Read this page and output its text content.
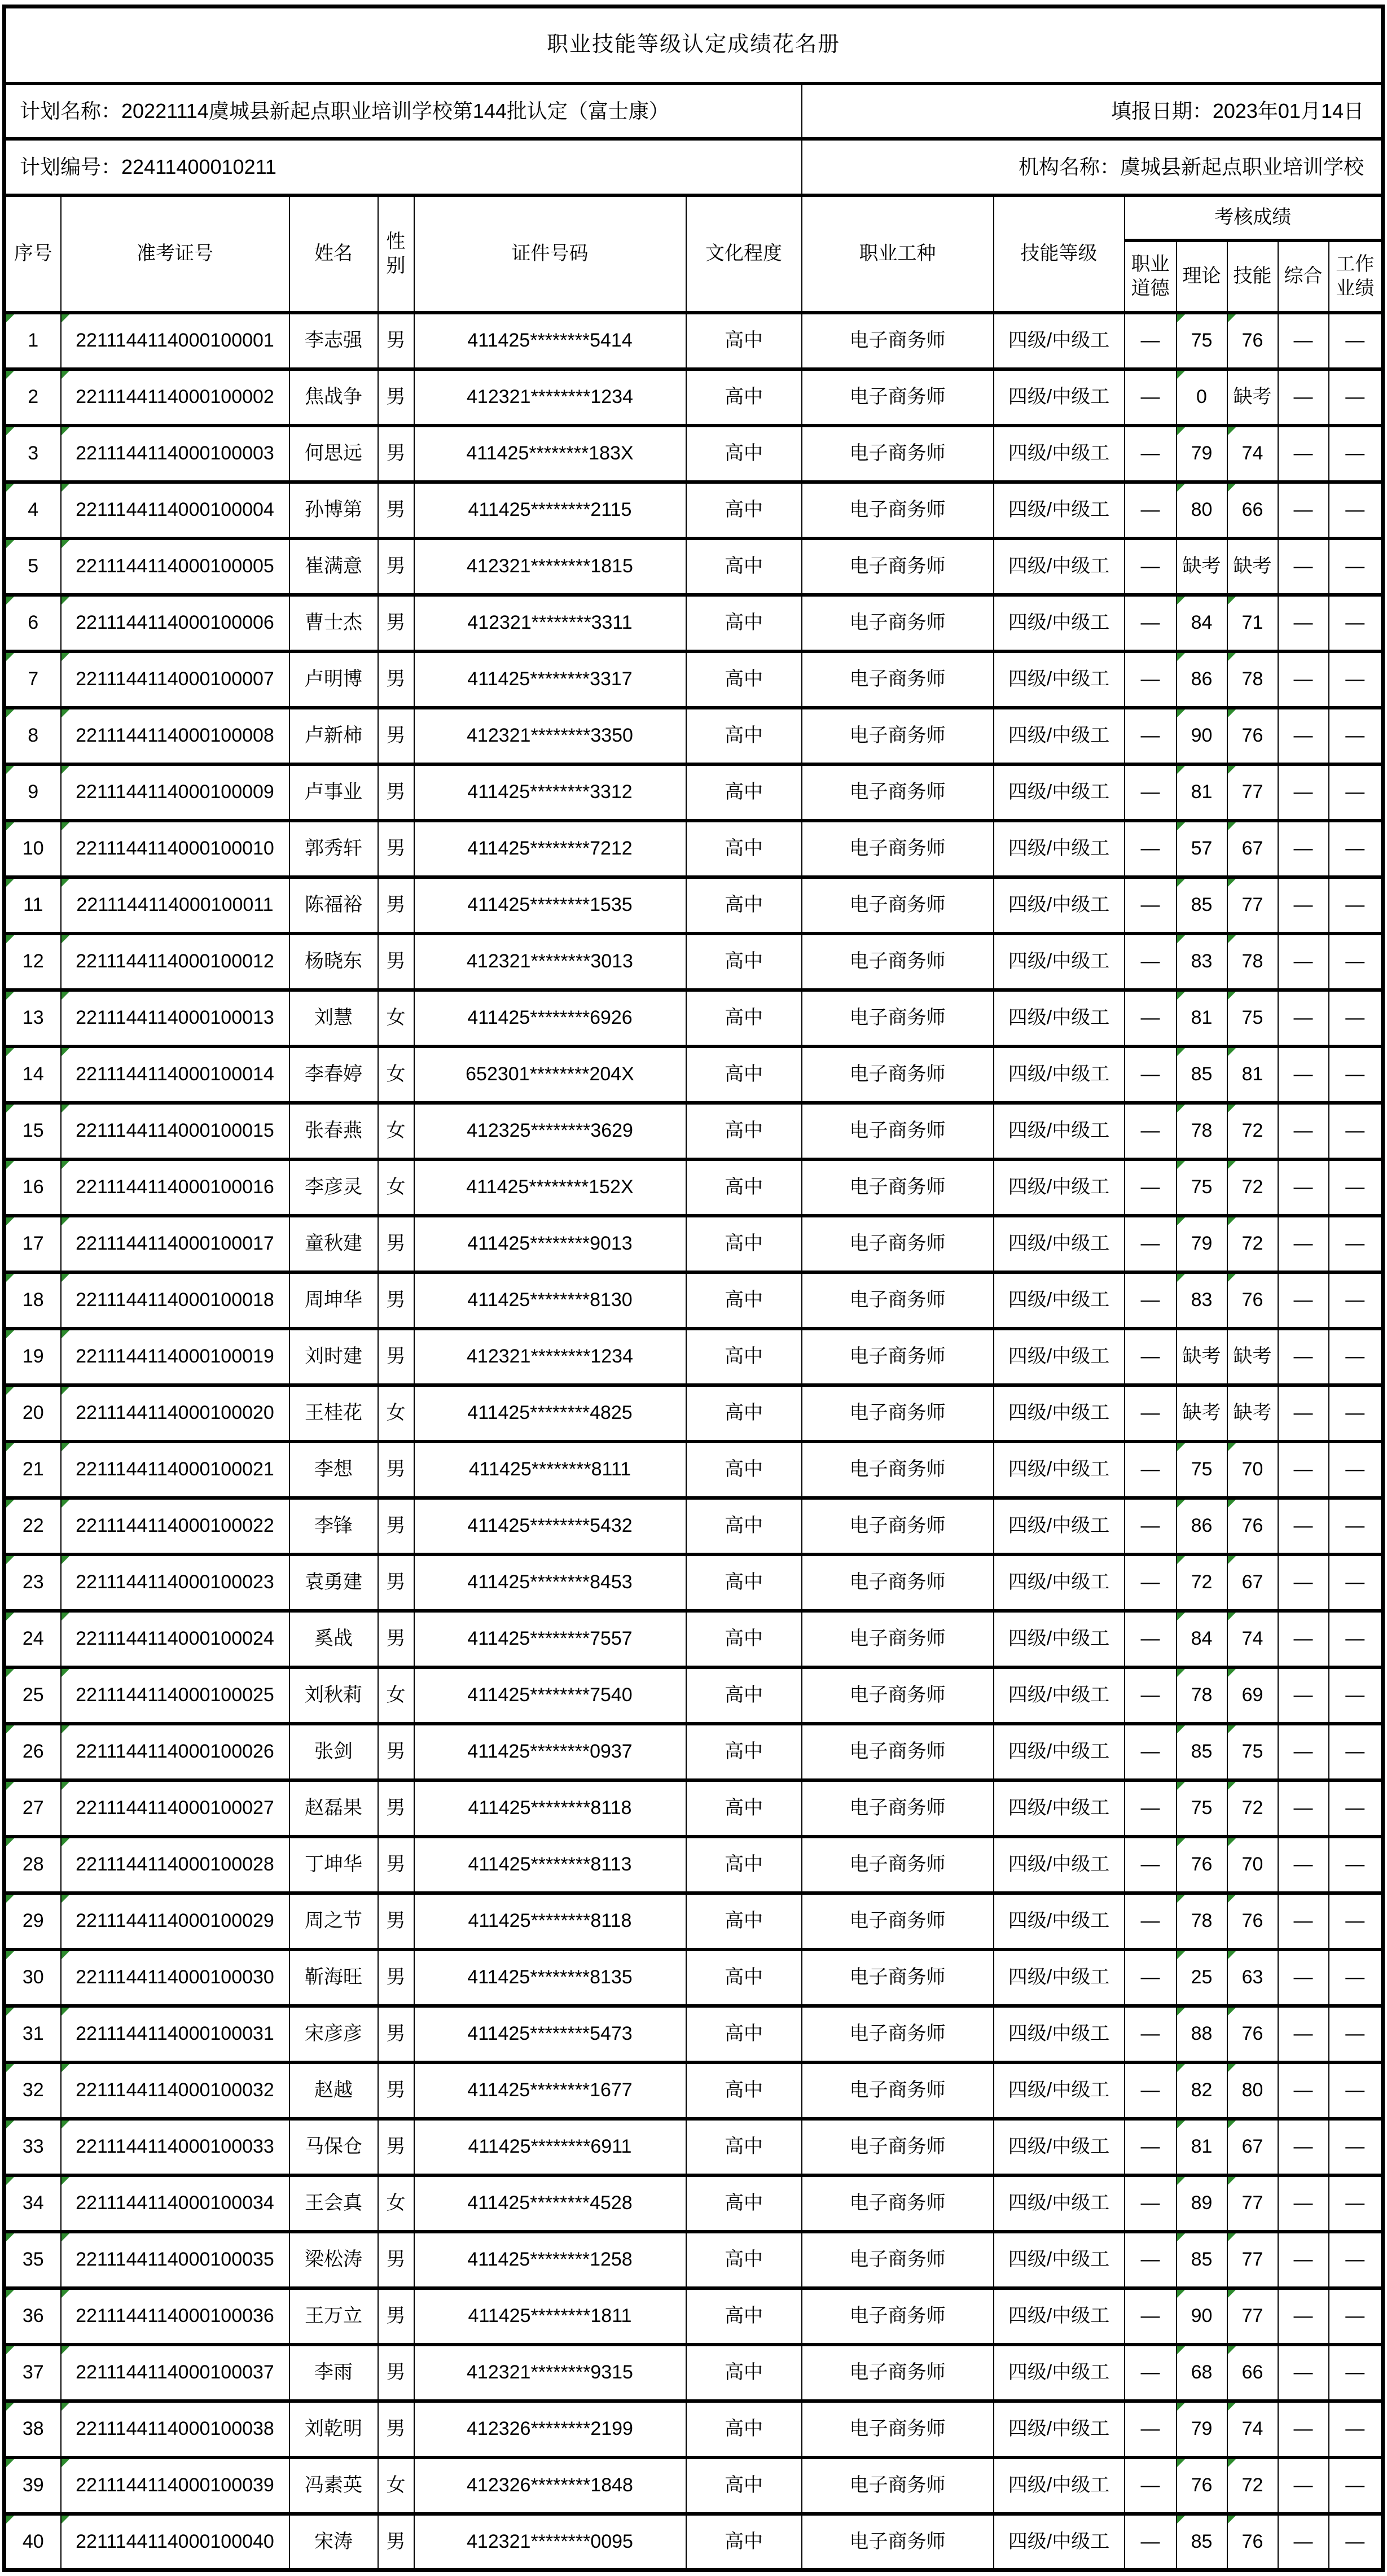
职业技能等级认定成绩花名册												
计划名称：20221114虞城县新起点职业培训学校第144批认定（富士康）						填报日期：2023年01月14日						
计划编号：22411400010211						机构名称：虞城县新起点职业培训学校						
序号	准考证号	姓名	性别	证件号码	文化程度	职业工种	技能等级	考核成绩				
								职业道德	理论	技能	综合	工作业绩

1	2211144114000100001	李志强	男	411425********5414	高中	电子商务师	四级/中级工	—	75	76	—	—

2	2211144114000100002	焦战争	男	412321********1234	高中	电子商务师	四级/中级工	—	0	缺考	—	—

3	2211144114000100003	何思远	男	411425********183X	高中	电子商务师	四级/中级工	—	79	74	—	—

4	2211144114000100004	孙博第	男	411425********2115	高中	电子商务师	四级/中级工	—	80	66	—	—

5	2211144114000100005	崔满意	男	412321********1815	高中	电子商务师	四级/中级工	—	缺考	缺考	—	—

6	2211144114000100006	曹士杰	男	412321********3311	高中	电子商务师	四级/中级工	—	84	71	—	—

7	2211144114000100007	卢明博	男	411425********3317	高中	电子商务师	四级/中级工	—	86	78	—	—

8	2211144114000100008	卢新柿	男	412321********3350	高中	电子商务师	四级/中级工	—	90	76	—	—

9	2211144114000100009	卢事业	男	411425********3312	高中	电子商务师	四级/中级工	—	81	77	—	—

10	2211144114000100010	郭秀轩	男	411425********7212	高中	电子商务师	四级/中级工	—	57	67	—	—

11	2211144114000100011	陈福裕	男	411425********1535	高中	电子商务师	四级/中级工	—	85	77	—	—

12	2211144114000100012	杨晓东	男	412321********3013	高中	电子商务师	四级/中级工	—	83	78	—	—

13	2211144114000100013	刘慧	女	411425********6926	高中	电子商务师	四级/中级工	—	81	75	—	—

14	2211144114000100014	李春婷	女	652301********204X	高中	电子商务师	四级/中级工	—	85	81	—	—

15	2211144114000100015	张春燕	女	412325********3629	高中	电子商务师	四级/中级工	—	78	72	—	—

16	2211144114000100016	李彦灵	女	411425********152X	高中	电子商务师	四级/中级工	—	75	72	—	—

17	2211144114000100017	童秋建	男	411425********9013	高中	电子商务师	四级/中级工	—	79	72	—	—

18	2211144114000100018	周坤华	男	411425********8130	高中	电子商务师	四级/中级工	—	83	76	—	—

19	2211144114000100019	刘时建	男	412321********1234	高中	电子商务师	四级/中级工	—	缺考	缺考	—	—

20	2211144114000100020	王桂花	女	411425********4825	高中	电子商务师	四级/中级工	—	缺考	缺考	—	—

21	2211144114000100021	李想	男	411425********8111	高中	电子商务师	四级/中级工	—	75	70	—	—

22	2211144114000100022	李锋	男	411425********5432	高中	电子商务师	四级/中级工	—	86	76	—	—

23	2211144114000100023	袁勇建	男	411425********8453	高中	电子商务师	四级/中级工	—	72	67	—	—

24	2211144114000100024	奚战	男	411425********7557	高中	电子商务师	四级/中级工	—	84	74	—	—

25	2211144114000100025	刘秋莉	女	411425********7540	高中	电子商务师	四级/中级工	—	78	69	—	—

26	2211144114000100026	张剑	男	411425********0937	高中	电子商务师	四级/中级工	—	85	75	—	—

27	2211144114000100027	赵磊果	男	411425********8118	高中	电子商务师	四级/中级工	—	75	72	—	—

28	2211144114000100028	丁坤华	男	411425********8113	高中	电子商务师	四级/中级工	—	76	70	—	—

29	2211144114000100029	周之节	男	411425********8118	高中	电子商务师	四级/中级工	—	78	76	—	—

30	2211144114000100030	靳海旺	男	411425********8135	高中	电子商务师	四级/中级工	—	25	63	—	—

31	2211144114000100031	宋彦彦	男	411425********5473	高中	电子商务师	四级/中级工	—	88	76	—	—

32	2211144114000100032	赵越	男	411425********1677	高中	电子商务师	四级/中级工	—	82	80	—	—

33	2211144114000100033	马保仓	男	411425********6911	高中	电子商务师	四级/中级工	—	81	67	—	—

34	2211144114000100034	王会真	女	411425********4528	高中	电子商务师	四级/中级工	—	89	77	—	—

35	2211144114000100035	梁松涛	男	411425********1258	高中	电子商务师	四级/中级工	—	85	77	—	—

36	2211144114000100036	王万立	男	411425********1811	高中	电子商务师	四级/中级工	—	90	77	—	—

37	2211144114000100037	李雨	男	412321********9315	高中	电子商务师	四级/中级工	—	68	66	—	—

38	2211144114000100038	刘乾明	男	412326********2199	高中	电子商务师	四级/中级工	—	79	74	—	—

39	2211144114000100039	冯素英	女	412326********1848	高中	电子商务师	四级/中级工	—	76	72	—	—

40	2211144114000100040	宋涛	男	412321********0095	高中	电子商务师	四级/中级工	—	85	76	—	—
